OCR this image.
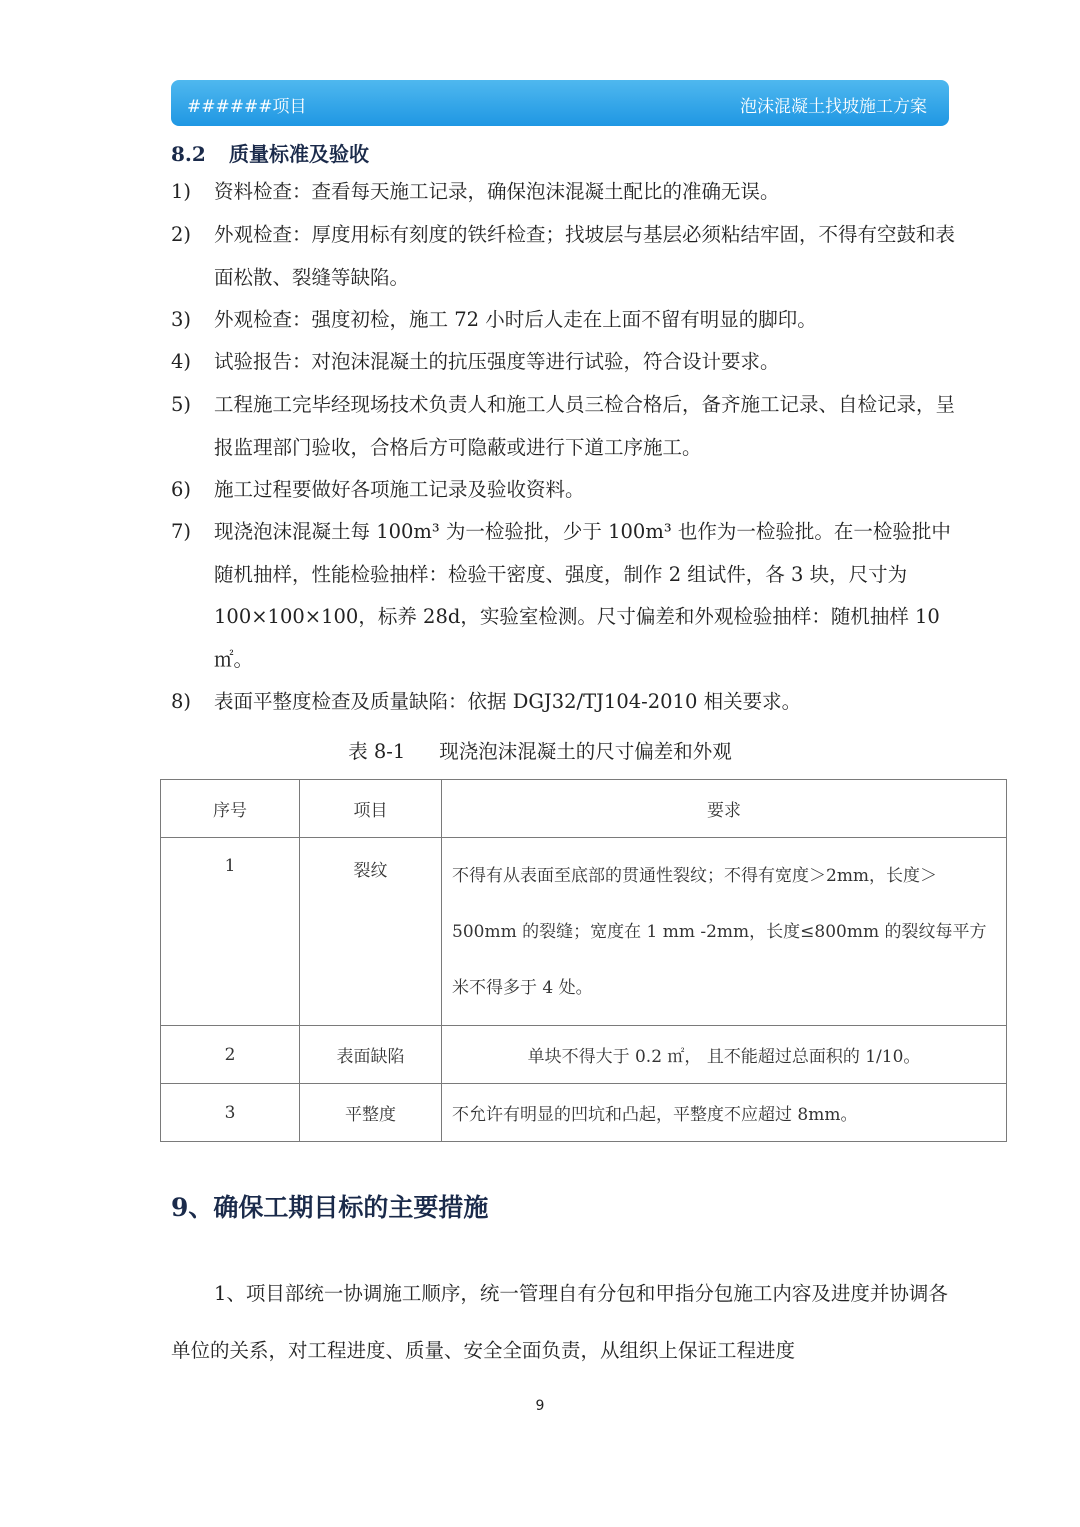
######项目	泡沫混凝土找坡施工方案
8.2 质量标准及验收
1) 资料检查：查看每天施工记录，确保泡沫混凝土配比的准确无误。
2) 外观检查：厚度用标有刻度的铁纤检查；找坡层与基层必须粘结牢固，不得有空鼓和表面松散、裂缝等缺陷。
3) 外观检查：强度初检，施工 72 小时后人走在上面不留有明显的脚印。
4) 试验报告：对泡沫混凝土的抗压强度等进行试验，符合设计要求。
5) 工程施工完毕经现场技术负责人和施工人员三检合格后，备齐施工记录、自检记录，呈报监理部门验收，合格后方可隐蔽或进行下道工序施工。
6) 施工过程要做好各项施工记录及验收资料。
7) 现浇泡沫混凝土每 100m³ 为一检验批，少于 100m³ 也作为一检验批。在一检验批中随机抽样，性能检验抽样：检验干密度、强度，制作 2 组试件，各 3 块，尺寸为 100×100×100，标养 28d，实验室检测。尺寸偏差和外观检验抽样：随机抽样 10 ㎡。
8) 表面平整度检查及质量缺陷：依据 DGJ32/TJ104-2010 相关要求。
表 8-1 现浇泡沫混凝土的尺寸偏差和外观
序号	项目	要求
1	裂纹	不得有从表面至底部的贯通性裂纹；不得有宽度＞2mm，长度＞500mm 的裂缝；宽度在 1 mm -2mm，长度≤800mm 的裂纹每平方米不得多于 4 处。
2	表面缺陷	单块不得大于 0.2 ㎡， 且不能超过总面积的 1/10。
3	平整度	不允许有明显的凹坑和凸起，平整度不应超过 8mm。
9、确保工期目标的主要措施
1、项目部统一协调施工顺序，统一管理自有分包和甲指分包施工内容及进度并协调各单位的关系，对工程进度、质量、安全全面负责，从组织上保证工程进度
9
